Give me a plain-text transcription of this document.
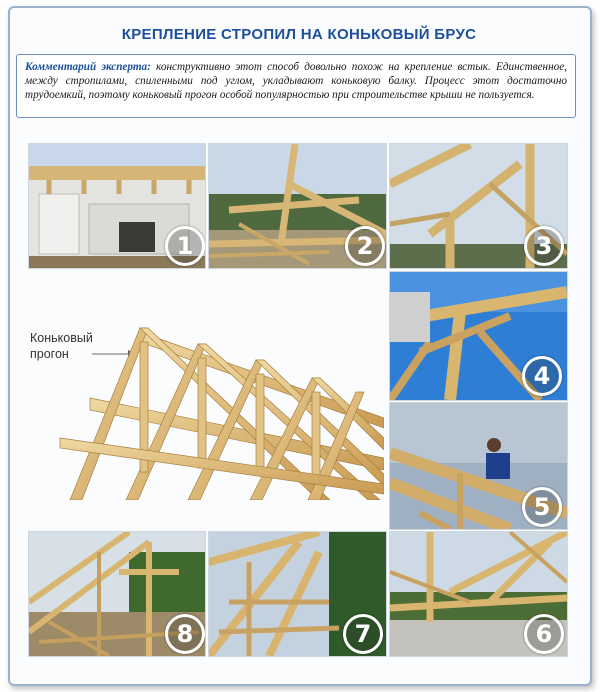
КРЕПЛЕНИЕ СТРОПИЛ НА КОНЬКОВЫЙ БРУС
Комментарий эксперта: конструктивно этот способ довольно похож на крепление встык. Единственное, между стропилами, спиленными под углом, укладывают коньковую балку. Процесс этот достаточно трудоемкий, поэтому коньковый прогон особой популярностью при строительстве крыши не пользуется.
1	2	3
Коньковый
прогон
4
5
8	7	6
